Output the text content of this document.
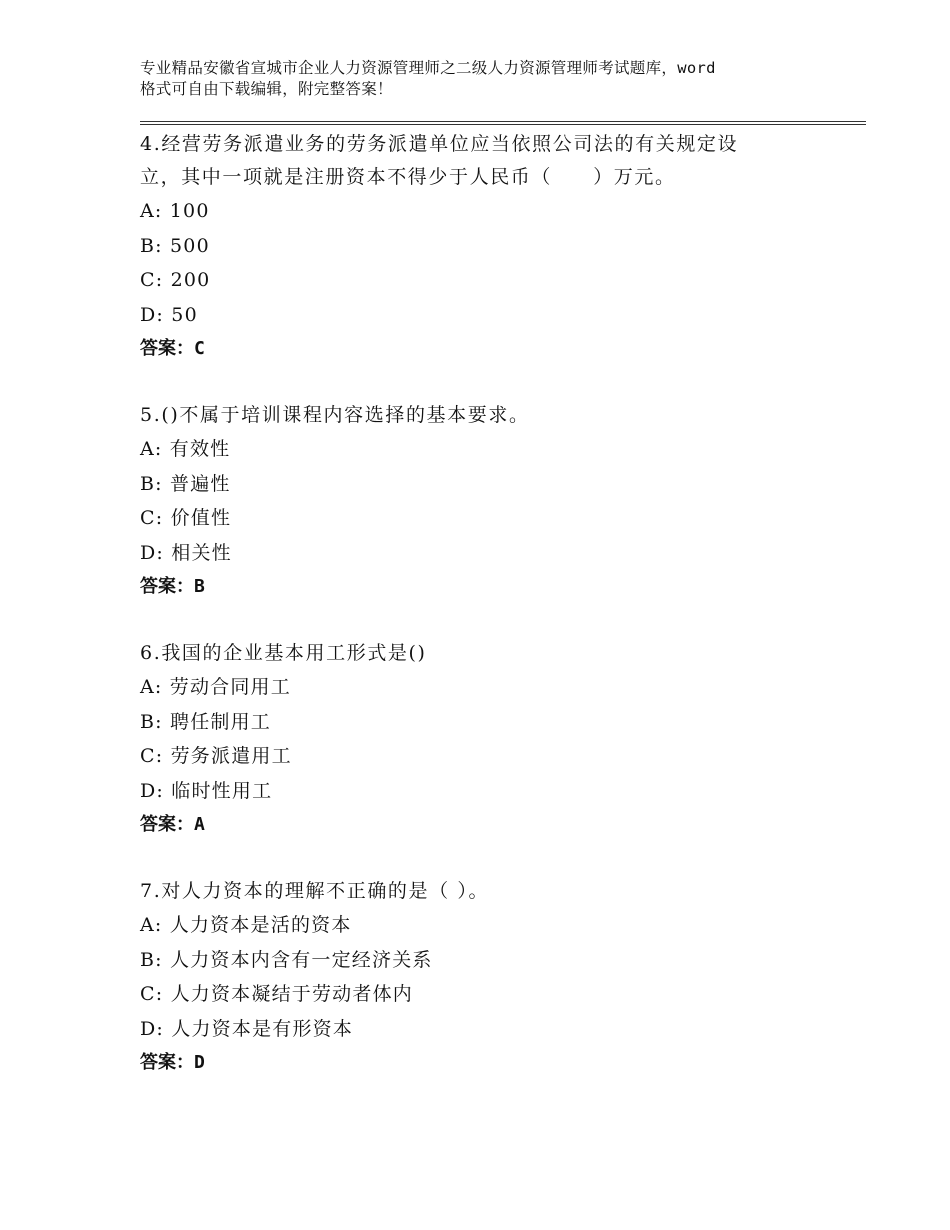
专业精品安徽省宣城市企业人力资源管理师之二级人力资源管理师考试题库，word
格式可自由下载编辑，附完整答案！

4.经营劳务派遣业务的劳务派遣单位应当依照公司法的有关规定设
立，其中一项就是注册资本不得少于人民币（　　）万元。

A: 100

B: 500

C: 200

D: 50

答案：C

5.()不属于培训课程内容选择的基本要求。

A: 有效性

B: 普遍性

C: 价值性

D: 相关性

答案：B

6.我国的企业基本用工形式是()

A: 劳动合同用工

B: 聘任制用工

C: 劳务派遣用工

D: 临时性用工

答案：A

7.对人力资本的理解不正确的是（ ）。

A: 人力资本是活的资本

B: 人力资本内含有一定经济关系

C: 人力资本凝结于劳动者体内

D: 人力资本是有形资本

答案：D
